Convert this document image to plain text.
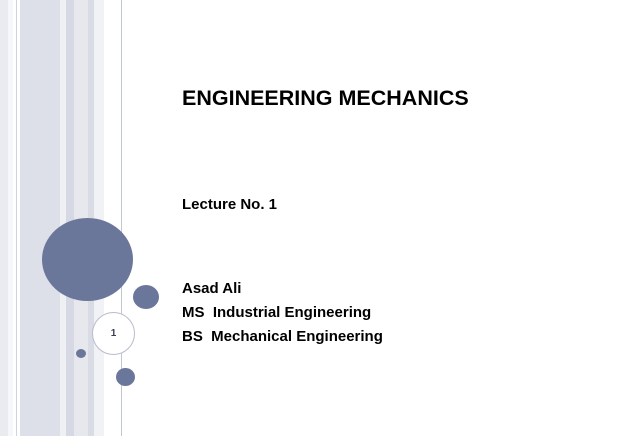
1
ENGINEERING MECHANICS
Lecture No. 1
Asad Ali
MS  Industrial Engineering
BS  Mechanical Engineering
